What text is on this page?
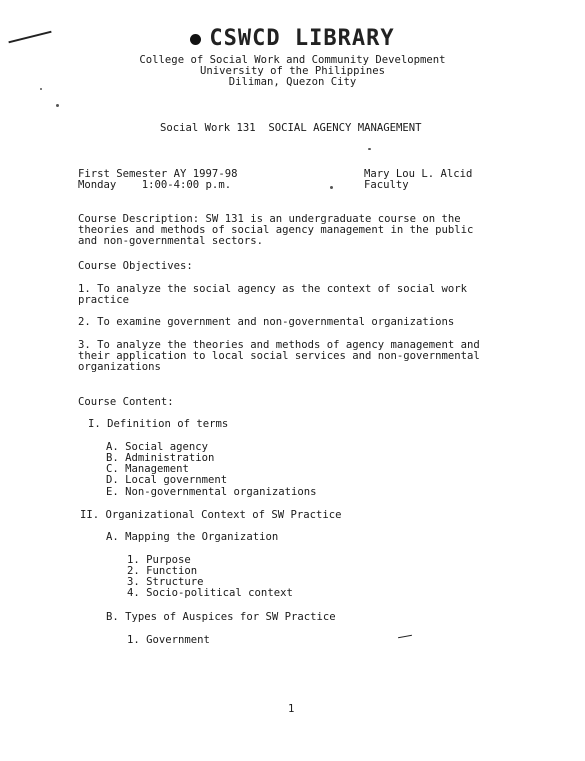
CSWCD LIBRARY
College of Social Work and Community Development
University of the Philippines
Diliman, Quezon City
Social Work 131  SOCIAL AGENCY MANAGEMENT
First Semester AY 1997-98
Monday    1:00-4:00 p.m.
Mary Lou L. Alcid
Faculty
Course Description: SW 131 is an undergraduate course on the
theories and methods of social agency management in the public
and non-governmental sectors.
Course Objectives:
1. To analyze the social agency as the context of social work
practice
2. To examine government and non-governmental organizations
3. To analyze the theories and methods of agency management and
their application to local social services and non-governmental
organizations
Course Content:
I. Definition of terms
A. Social agency
B. Administration
C. Management
D. Local government
E. Non-governmental organizations
II. Organizational Context of SW Practice
A. Mapping the Organization
1. Purpose
2. Function
3. Structure
4. Socio-political context
B. Types of Auspices for SW Practice
1. Government
1
